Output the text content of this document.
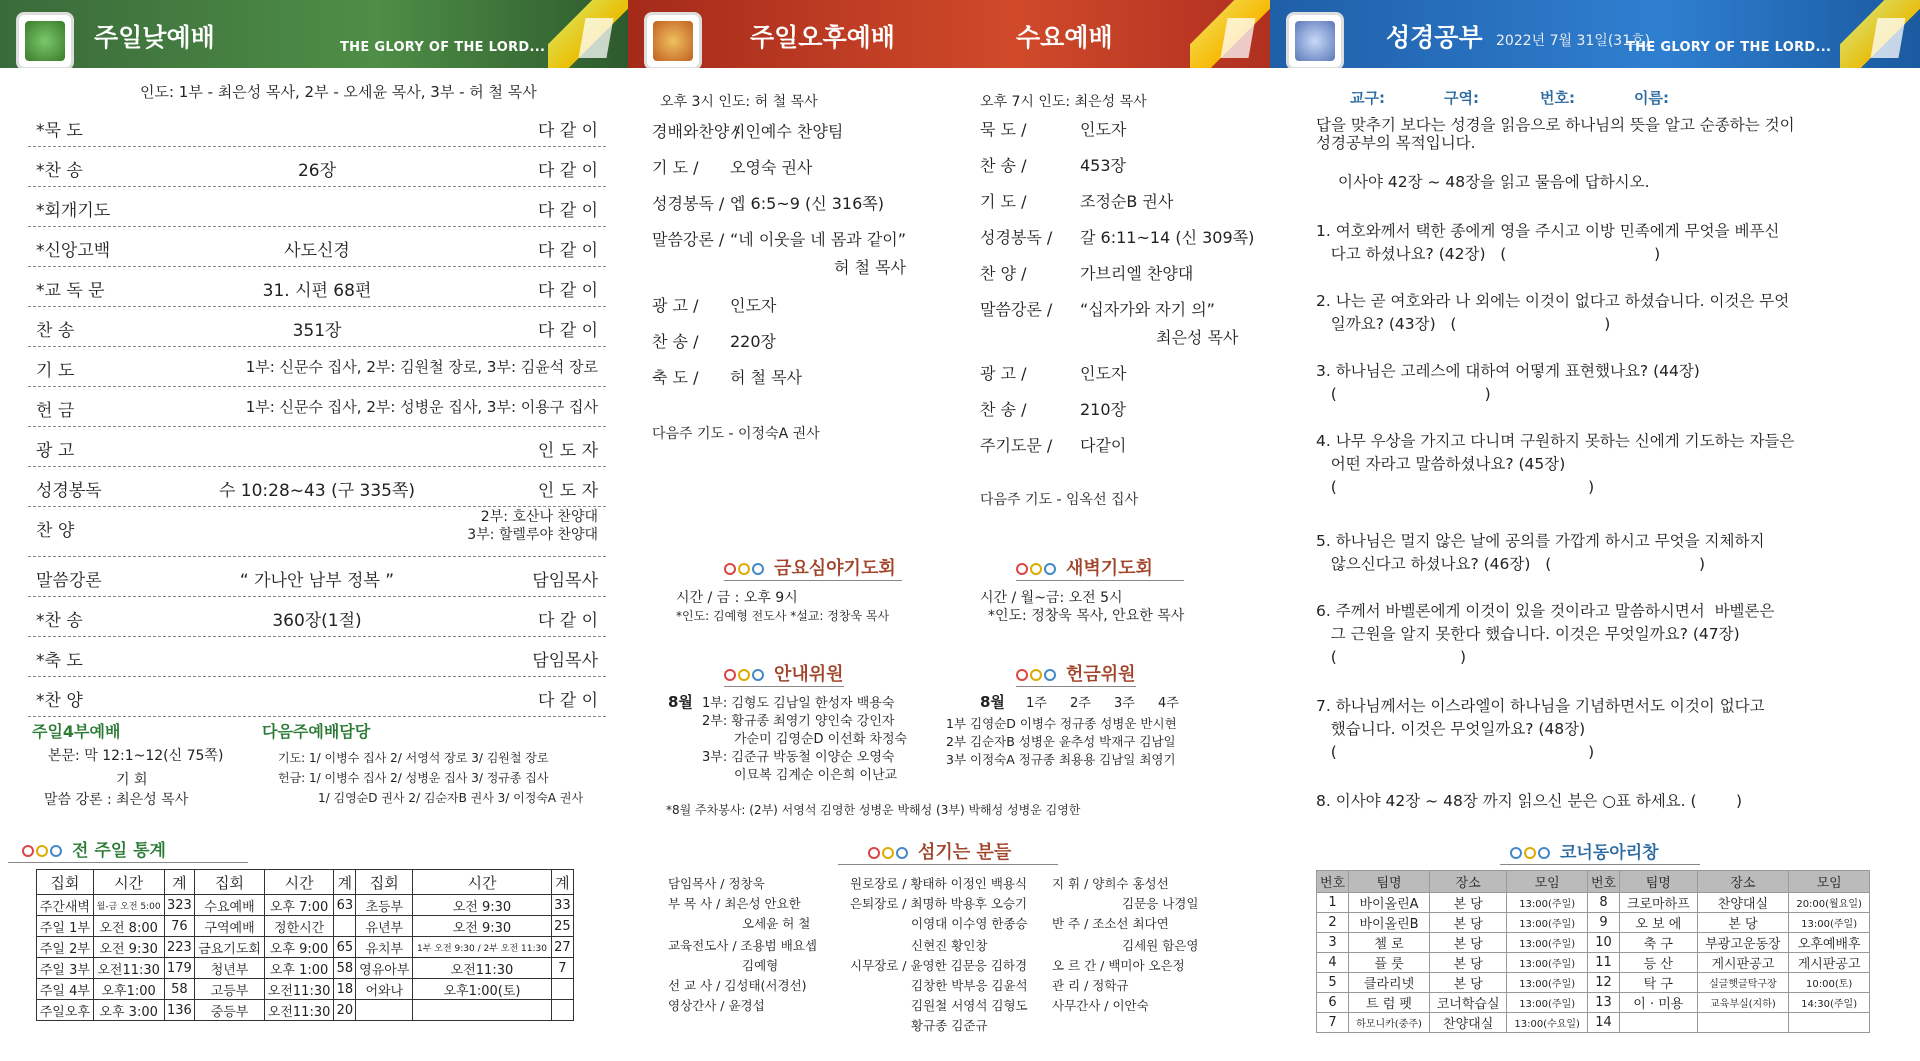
주일낮예배	THE GLORY OF THE LORD...
인도: 1부 - 최은성 목사, 2부 - 오세윤 목사, 3부 - 허 철 목사
*묵 도	다 같 이
*찬 송	26장	다 같 이
*회개기도	다 같 이
*신앙고백	사도신경	다 같 이
*교 독 문	31. 시편 68편	다 같 이
찬 송	351장	다 같 이
기 도	1부: 신문수 집사, 2부: 김원철 장로, 3부: 김윤석 장로
헌 금	1부: 신문수 집사, 2부: 성병운 집사, 3부: 이용구 집사
광 고	인 도 자
성경봉독	수 10:28~43 (구 335쪽)	인 도 자
찬 양
2부: 호산나 찬양대
3부: 할렐루야 찬양대
말씀강론	“ 가나안 남부 정복 ”	담임목사
*찬 송	360장(1절)	다 같 이
*축 도	담임목사
*찬 양	다 같 이
주일4부예배
본문: 막 12:1~12(신 75쪽)
기 회
말씀 강론 : 최은성 목사
다음주예배담당
기도: 1/ 이병수 집사 2/ 서영석 장로 3/ 김원철 장로
헌금: 1/ 이병수 집사 2/ 성병운 집사 3/ 정규종 집사
1/ 김영순D 권사 2/ 김순자B 권사 3/ 이정숙A 권사
전 주일 통계
집회	시간	계	집회	시간	계	집회	시간	계
주간새벽	월-금 오전 5:00	323	수요예배	오후 7:00	63	초등부	오전 9:30	33
주일 1부	오전 8:00	76	구역예배	정한시간		유년부	오전 9:30	25
주일 2부	오전 9:30	223	금요기도회	오후 9:00	65	유치부	1부 오전 9:30 / 2부 오전 11:30	27
주일 3부	오전11:30	179	청년부	오후 1:00	58	영유아부	오전11:30	7
주일 4부	오후1:00	58	고등부	오전11:30	18	어와나	오후1:00(토)	
주일오후	오후 3:00	136	중등부	오전11:30	20			
주일오후예배	수요예배
오후 3시 인도: 허 철 목사
경배와찬양 /
시인예수 찬양팀
기 도 / 오영숙 권사
성경봉독 / 엡 6:5~9 (신 316쪽)
말씀강론 / “네 이웃을 네 몸과 같이”
허 철 목사
광 고 / 인도자
찬 송 / 220장
축 도 / 허 철 목사
다음주 기도 - 이정숙A 권사
오후 7시 인도: 최은성 목사
묵 도 /	인도자
찬 송 /	453장
기 도 /	조정순B 권사
성경봉독 / 갈 6:11~14 (신 309쪽)
찬 양 /	가브리엘 찬양대
말씀강론 / “십자가와 자기 의”
최은성 목사
광 고 /	인도자
찬 송 /	210장
주기도문 / 다같이
다음주 기도 - 임옥선 집사
금요심야기도회
시간 / 금 : 오후 9시
*인도: 김예형 전도사 *설교: 정창욱 목사
새벽기도회
시간 / 월~금: 오전 5시
*인도: 정창욱 목사, 안요한 목사
안내위원
8월 1부: 김형도 김남일 한성자 백용숙
2부: 황규종 최영기 양인숙 강인자
가순미 김영순D 이선화 차정숙
3부: 김준규 박동철 이양순 오영숙
이묘복 김계순 이은희 이난교
헌금위원
8월 1주 2주 3주 4주
1부 김영순D 이병수 정규종 성병운 반시현
2부 김순자B 성병운 윤추성 박재구 김남일
3부 이정숙A 정규종 최용용 김남일 최영기
*8월 주차봉사: (2부) 서영석 김영한 성병운 박해성 (3부) 박해성 성병운 김영한
섬기는 분들
담임목사 / 정창욱
부 목 사 / 최은성 안요한
오세윤 허 철
교육전도사 / 조용범 배요셉
김예형
선 교 사 / 김성태(서경선)
영상간사 / 윤경섭
원로장로 / 황태하 이정인 백용식
은퇴장로 / 최명하 박용후 오승기
이영대 이수영 한종승
신현진 황인창
시무장로 / 윤영한 김문응 김하경
김창한 박부응 김윤석
김원철 서영석 김형도
황규종 김준규
지 휘 / 양희수 홍성선
김문응 나경일
반 주 / 조소선 최다연
김세원 함은영
오 르 간 / 백미아 오은정
관 리 / 정학규
사무간사 / 이안숙
성경공부 2022년 7월 31일(31호)
THE GLORY OF THE LORD...
교구:	구역:	번호:	이름:
답을 맞추기 보다는 성경을 읽음으로 하나님의 뜻을 알고 순종하는 것이
성경공부의 목적입니다.
이사야 42장 ~ 48장을 읽고 물음에 답하시오.
1. 여호와께서 택한 종에게 영을 주시고 이방 민족에게 무엇을 베푸신
다고 하셨나요? (42장)   (                              )
2. 나는 곧 여호와라 나 외에는 이것이 없다고 하셨습니다. 이것은 무엇
일까요? (43장)   (                              )
3. 하나님은 고레스에 대하여 어떻게 표현했나요? (44장)
(                              )
4. 나무 우상을 가지고 다니며 구원하지 못하는 신에게 기도하는 자들은
어떤 자라고 말씀하셨나요? (45장)
(                                                   )
5. 하나님은 멀지 않은 날에 공의를 가깝게 하시고 무엇을 지체하지
않으신다고 하셨나요? (46장)   (                              )
6. 주께서 바벨론에게 이것이 있을 것이라고 말씀하시면서  바벨론은
그 근원을 알지 못한다 했습니다. 이것은 무엇일까요? (47장)
(                         )
7. 하나님께서는 이스라엘이 하나님을 기념하면서도 이것이 없다고
했습니다. 이것은 무엇일까요? (48장)
(                                                   )
8. 이사야 42장 ~ 48장 까지 읽으신 분은 ○표 하세요. (        )
코너동아리창
번호	팀명	장소	모임	번호	팀명	장소	모임
1	바이올린A	본 당	13:00(주일)	8	크로마하프	찬양대실	20:00(월요일)
2	바이올린B	본 당	13:00(주일)	9	오 보 에	본 당	13:00(주일)
3	첼 로	본 당	13:00(주일)	10	축 구	부광고운동장	오후예배후
4	플 룻	본 당	13:00(주일)	11	등 산	게시판공고	게시판공고
5	클라리넷	본 당	13:00(주일)	12	탁 구	실글햇글탁구장	10:00(토)
6	트 럼 펫	코너학습실	13:00(주일)	13	이 · 미용	교육부실(지하)	14:30(주일)
7	하모니카(중주)	찬양대실	13:00(수요일)	14			
